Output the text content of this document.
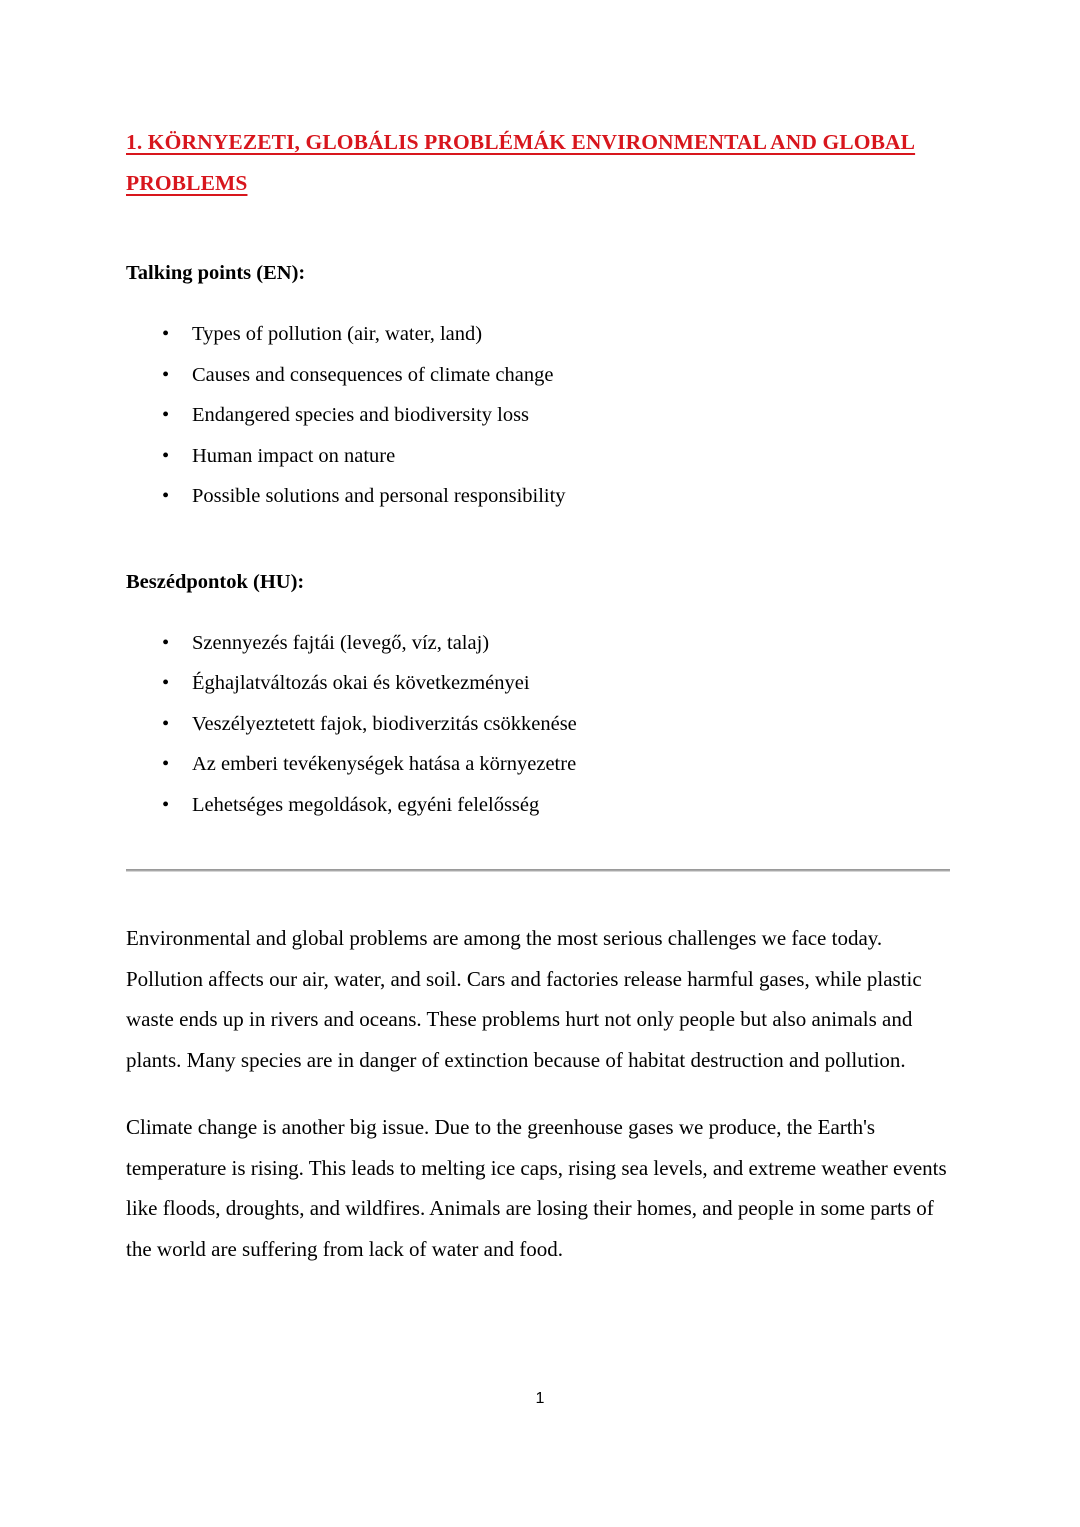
1. KÖRNYEZETI, GLOBÁLIS PROBLÉMÁK ENVIRONMENTAL AND GLOBAL PROBLEMS
Talking points (EN):
• Types of pollution (air, water, land)
• Causes and consequences of climate change
• Endangered species and biodiversity loss
• Human impact on nature
• Possible solutions and personal responsibility
Beszédpontok (HU):
• Szennyezés fajtái (levegő, víz, talaj)
• Éghajlatváltozás okai és következményei
• Veszélyeztetett fajok, biodiverzitás csökkenése
• Az emberi tevékenységek hatása a környezetre
• Lehetséges megoldások, egyéni felelősség

Environmental and global problems are among the most serious challenges we face today. Pollution affects our air, water, and soil. Cars and factories release harmful gases, while plastic waste ends up in rivers and oceans. These problems hurt not only people but also animals and plants. Many species are in danger of extinction because of habitat destruction and pollution.

Climate change is another big issue. Due to the greenhouse gases we produce, the Earth's temperature is rising. This leads to melting ice caps, rising sea levels, and extreme weather events like floods, droughts, and wildfires. Animals are losing their homes, and people in some parts of the world are suffering from lack of water and food.

1
